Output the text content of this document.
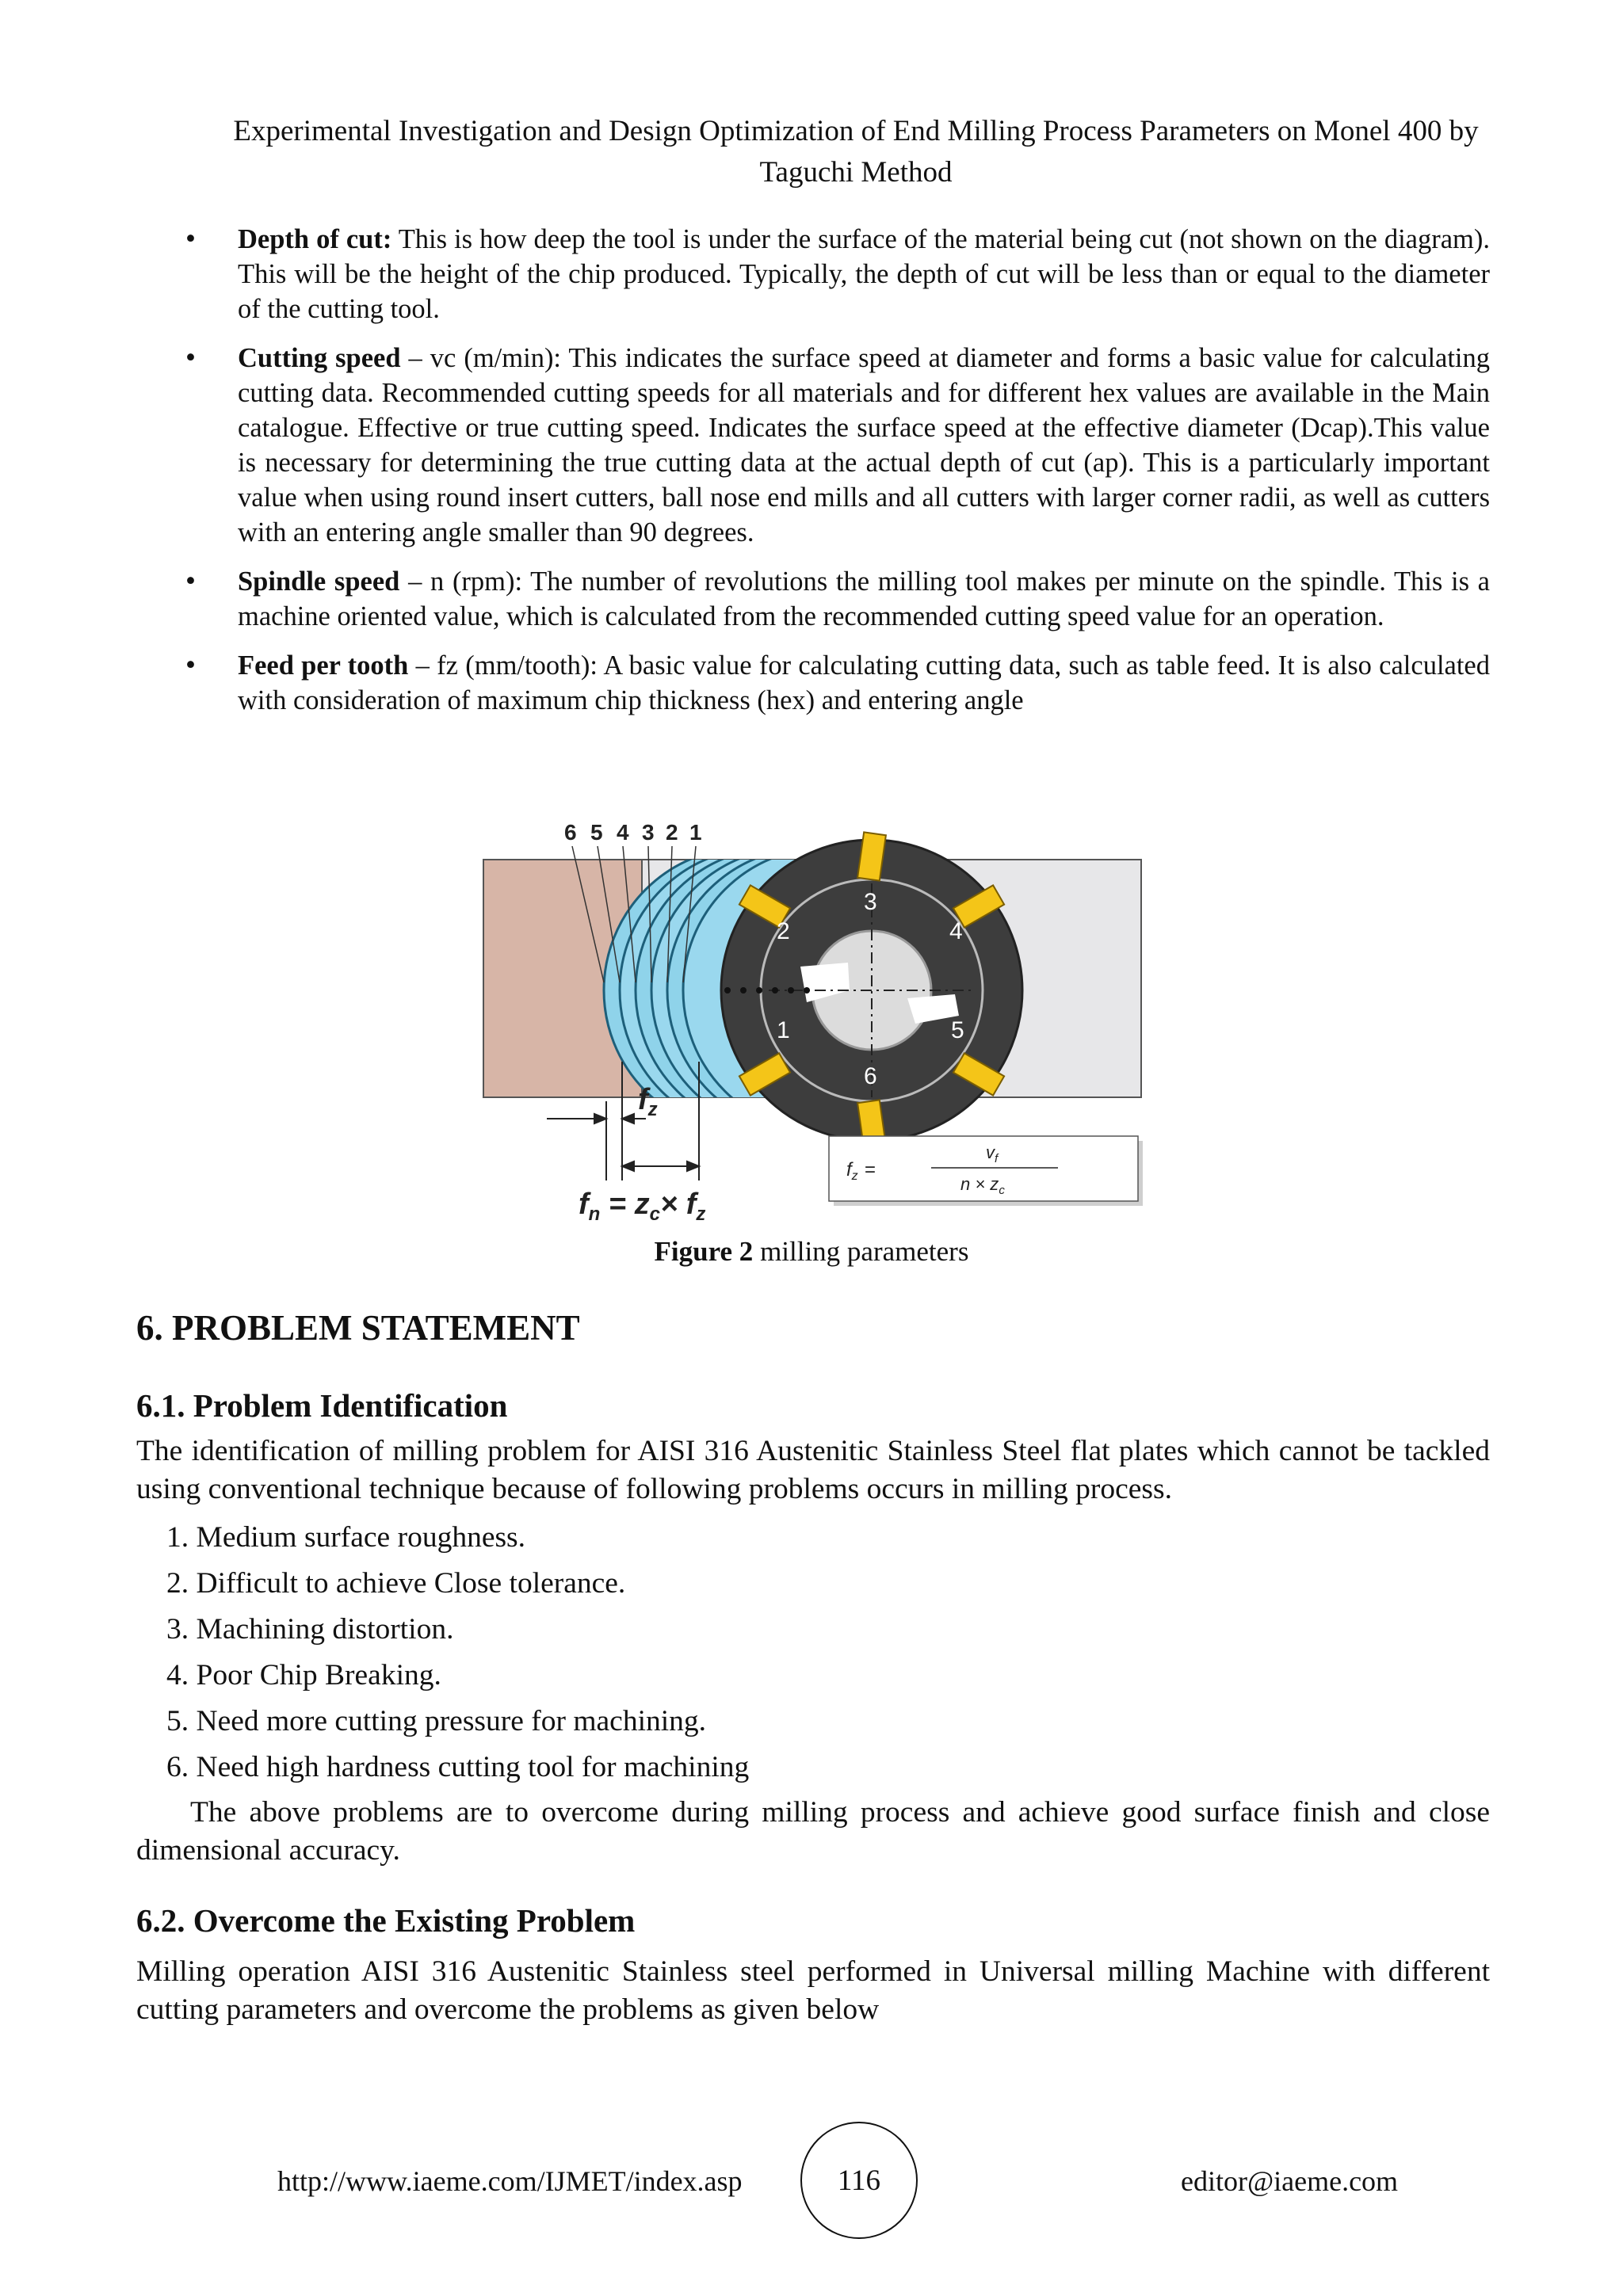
Experimental Investigation and Design Optimization of End Milling Process Parameters on Monel 400 by
Taguchi Method
•	Depth of cut: This is how deep the tool is under the surface of the material being cut (not shown on the diagram). This will be the height of the chip produced. Typically, the depth of cut will be less than or equal to the diameter of the cutting tool.
•	Cutting speed – vc (m/min): This indicates the surface speed at diameter and forms a basic value for calculating cutting data. Recommended cutting speeds for all materials and for different hex values are available in the Main catalogue. Effective or true cutting speed. Indicates the surface speed at the effective diameter (Dcap).This value is necessary for determining the true cutting data at the actual depth of cut (ap). This is a particularly important value when using round insert cutters, ball nose end mills and all cutters with larger corner radii, as well as cutters with an entering angle smaller than 90 degrees.
•	Spindle speed – n (rpm): The number of revolutions the milling tool makes per minute on the spindle. This is a machine oriented value, which is calculated from the recommended cutting speed value for an operation.
•	Feed per tooth – fz (mm/tooth): A basic value for calculating cutting data, such as table feed. It is also calculated with consideration of maximum chip thickness (hex) and entering angle
3
2	4
1	5
6
6 5 4 3 2 1
$f_z$
$f_n = z_c\times f_z$
$f_z$ =
$v_f$
$n \times z_c$
Figure 2 milling parameters
6. PROBLEM STATEMENT
6.1. Problem Identification
The identification of milling problem for AISI 316 Austenitic Stainless Steel flat plates which cannot be tackled using conventional technique because of following problems occurs in milling process.
1. Medium surface roughness.
2. Difficult to achieve Close tolerance.
3. Machining distortion.
4. Poor Chip Breaking.
5. Need more cutting pressure for machining.
6. Need high hardness cutting tool for machining
The above problems are to overcome during milling process and achieve good surface finish and close dimensional accuracy.
6.2. Overcome the Existing Problem
Milling operation AISI 316 Austenitic Stainless steel performed in Universal milling Machine with different cutting parameters and overcome the problems as given below
http://www.iaeme.com/IJMET/index.asp	116	editor@iaeme.com
